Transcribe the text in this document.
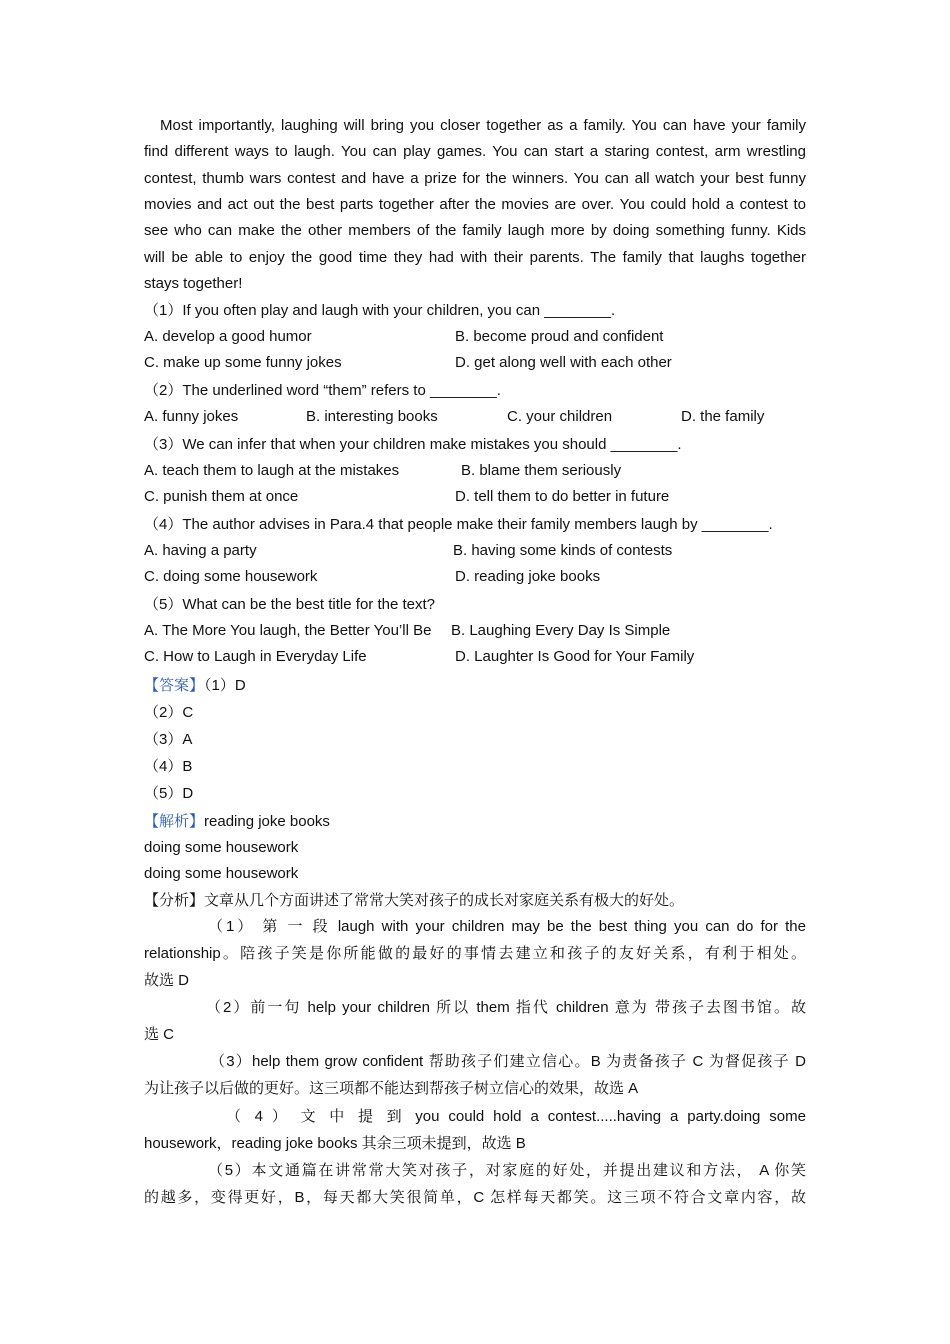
Most importantly, laughing will bring you closer together as a family. You can have your family
find different ways to laugh. You can play games. You can start a staring contest, arm wrestling
contest, thumb wars contest and have a prize for the winners. You can all watch your best funny
movies and act out the best parts together after the movies are over. You could hold a contest to
see who can make the other members of the family laugh more by doing something funny. Kids
will be able to enjoy the good time they had with their parents. The family that laughs together
stays together!
（1）If you often play and laugh with your children, you can ________.
A. develop a good humor	B. become proud and confident
C. make up some funny jokes	D. get along well with each other
（2）The underlined word “them” refers to ________.
A. funny jokes	B. interesting books	C. your children	D. the family
（3）We can infer that when your children make mistakes you should ________.
A. teach them to laugh at the mistakes	B. blame them seriously
C. punish them at once	D. tell them to do better in future
（4）The author advises in Para.4 that people make their family members laugh by ________.
A. having a party	B. having some kinds of contests
C. doing some housework	D. reading joke books
（5）What can be the best title for the text?
A. The More You laugh, the Better You’ll Be B. Laughing Every Day Is Simple
C. How to Laugh in Everyday Life	D. Laughter Is Good for Your Family
【答案】（1）D
（2）C
（3）A
（4）B
（5）D
【解析】reading joke books
doing some housework
doing some housework
【分析】文章从几个方面讲述了常常大笑对孩子的成长对家庭关系有极大的好处。
（1） 第 一 段 laugh with your children may be the best thing you can do for the
relationship。陪孩子笑是你所能做的最好的事情去建立和孩子的友好关系，有利于相处。
故选 D
（2）前一句 help your children 所以 them 指代 children 意为 带孩子去图书馆。故
选 C
（3）help them grow confident 帮助孩子们建立信心。B 为责备孩子 C 为督促孩子 D
为让孩子以后做的更好。这三项都不能达到帮孩子树立信心的效果，故选 A
（ 4 ） 文 中 提 到 you could hold a contest.....having a party.doing some
housework，reading joke books 其余三项未提到，故选 B
（5）本文通篇在讲常常大笑对孩子，对家庭的好处，并提出建议和方法， A 你笑
的越多，变得更好，B，每天都大笑很简单，C 怎样每天都笑。这三项不符合文章内容，故
